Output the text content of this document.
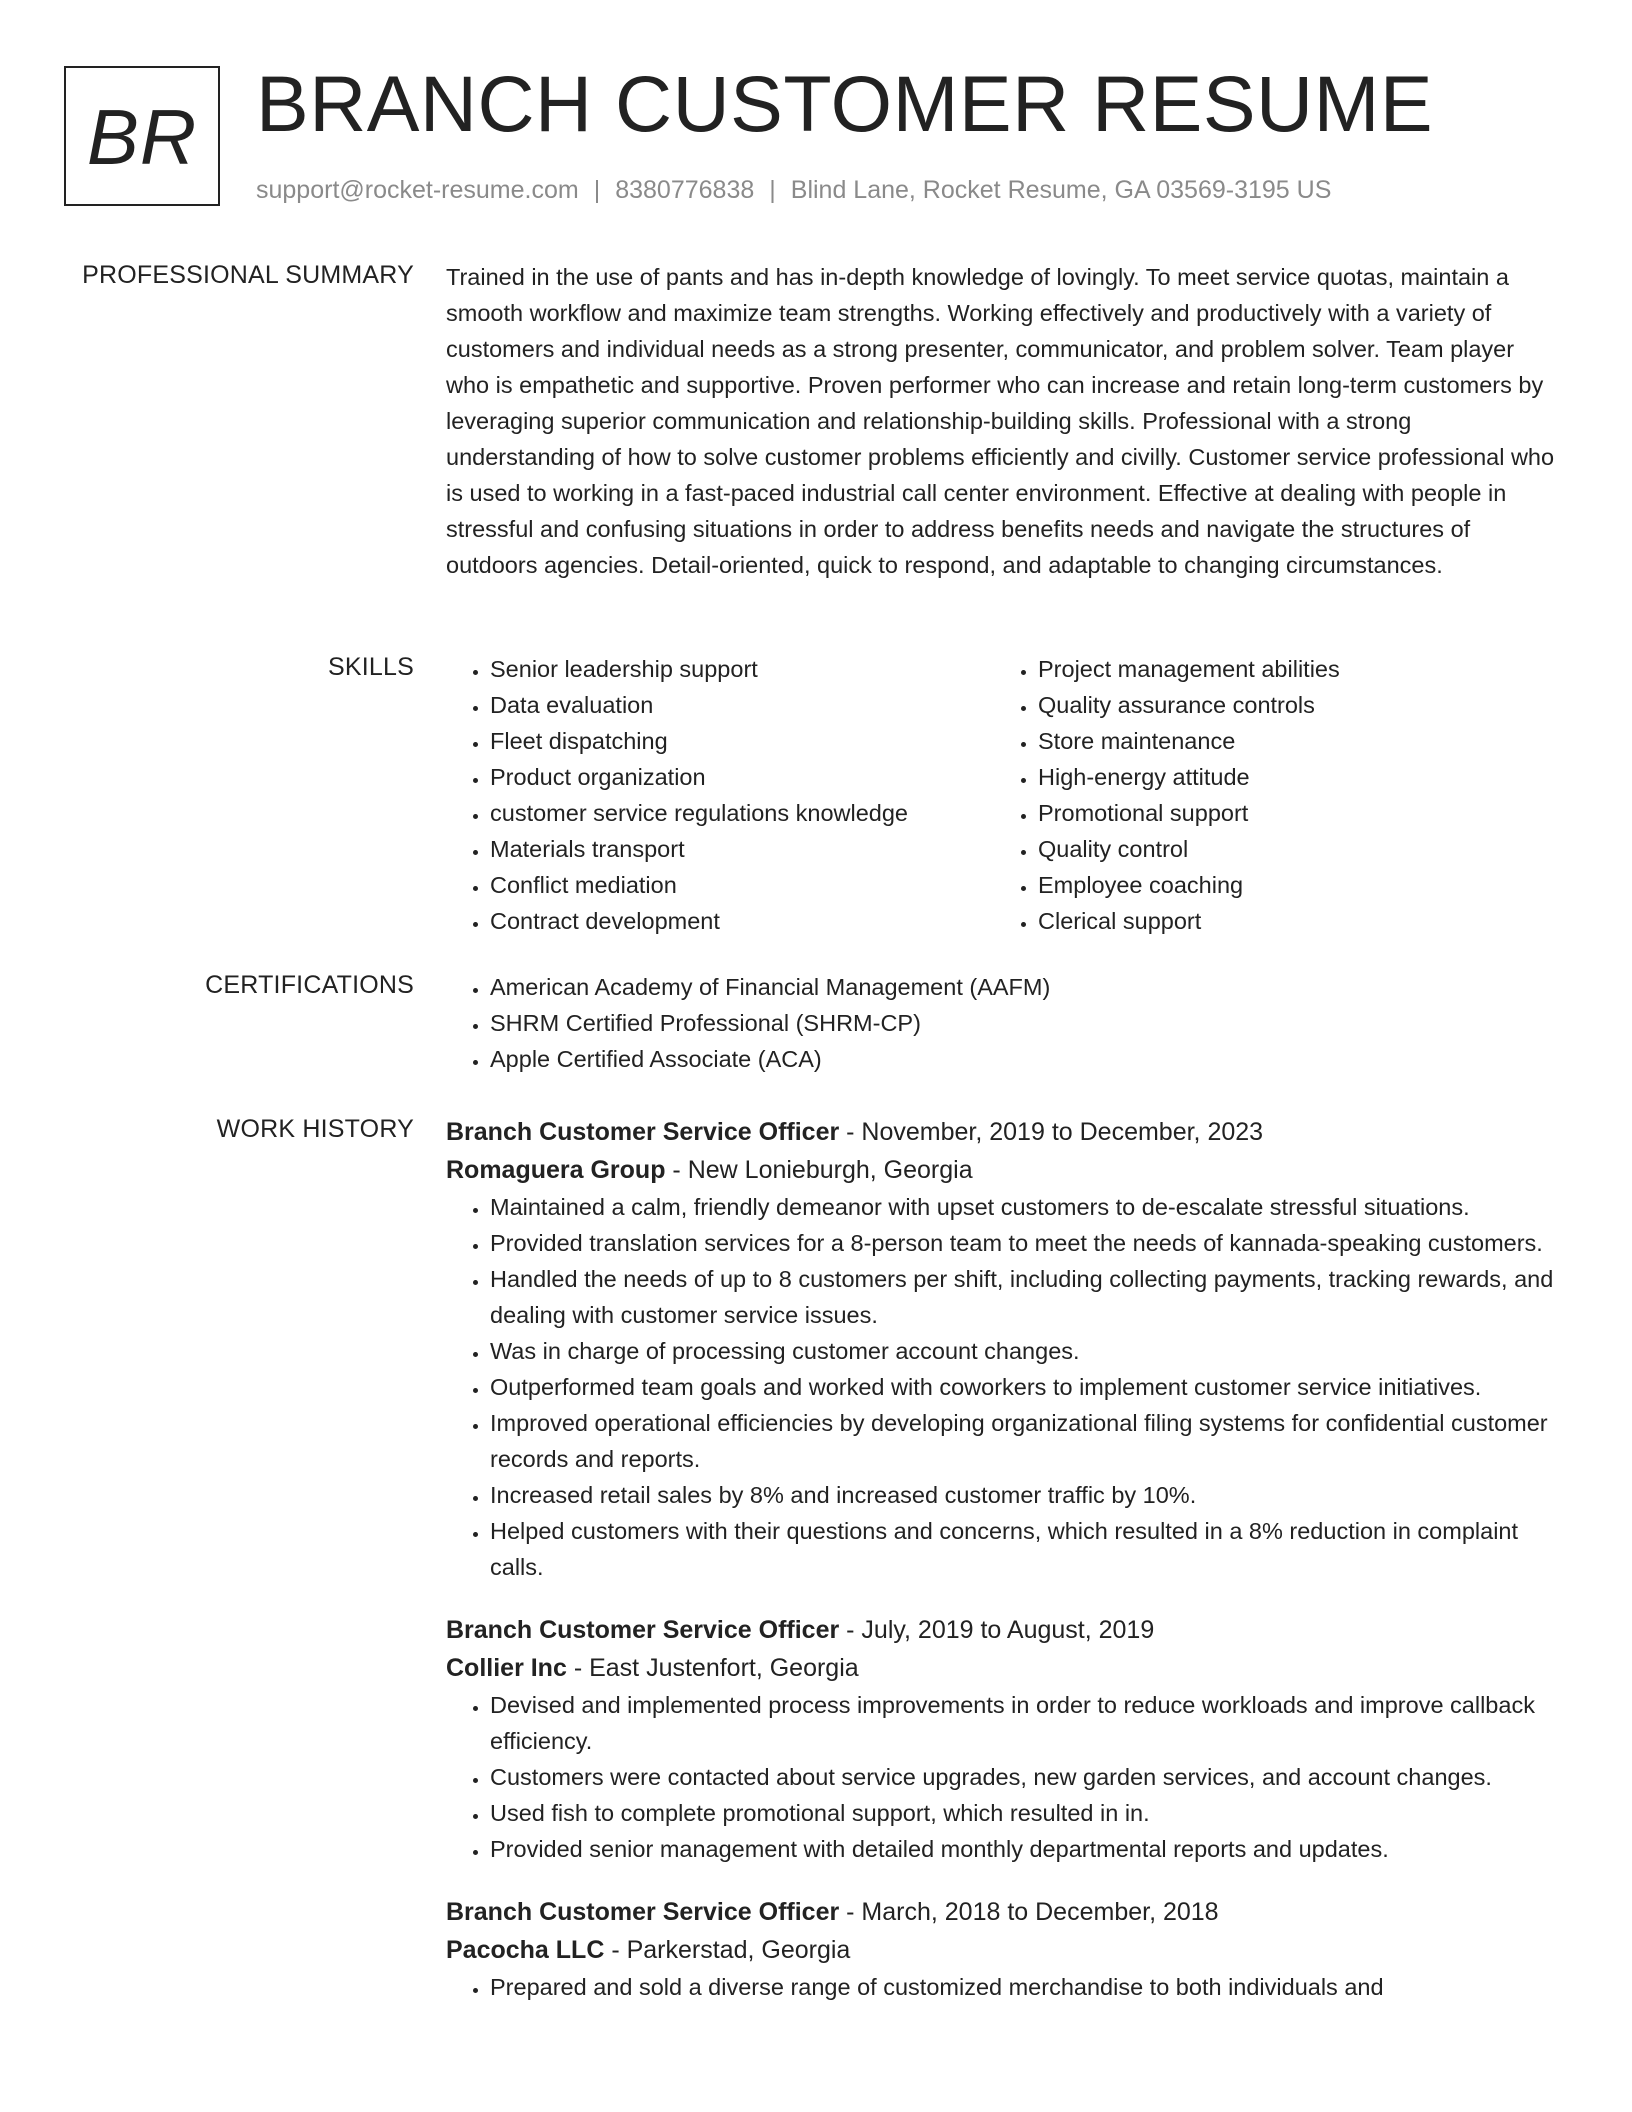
BR BRANCH CUSTOMER RESUME
support@rocket-resume.com | 8380776838 | Blind Lane, Rocket Resume, GA 03569-3195 US
PROFESSIONAL SUMMARY Trained in the use of pants and has in-depth knowledge of lovingly. To meet service quotas, maintain a smooth workflow and maximize team strengths. Working effectively and productively with a variety of customers and individual needs as a strong presenter, communicator, and problem solver. Team player who is empathetic and supportive. Proven performer who can increase and retain long-term customers by leveraging superior communication and relationship-building skills. Professional with a strong understanding of how to solve customer problems efficiently and civilly. Customer service professional who is used to working in a fast-paced industrial call center environment. Effective at dealing with people in stressful and confusing situations in order to address benefits needs and navigate the structures of outdoors agencies. Detail-oriented, quick to respond, and adaptable to changing circumstances.

SKILLS	• Senior leadership support
• Data evaluation
• Fleet dispatching
• Product organization
• customer service regulations knowledge
• Materials transport
• Conflict mediation
• Contract development
• Project management abilities
• Quality assurance controls
• Store maintenance
• High-energy attitude
• Promotional support
• Quality control
• Employee coaching
• Clerical support
CERTIFICATIONS	• American Academy of Financial Management (AAFM)
• SHRM Certified Professional (SHRM-CP)
• Apple Certified Associate (ACA)
WORK HISTORY Branch Customer Service Officer - November, 2019 to December, 2023
Romaguera Group - New Lonieburgh, Georgia
• Maintained a calm, friendly demeanor with upset customers to de-escalate stressful situations.
• Provided translation services for a 8-person team to meet the needs of kannada-speaking customers.
• Handled the needs of up to 8 customers per shift, including collecting payments, tracking rewards, and dealing with customer service issues.
• Was in charge of processing customer account changes.
• Outperformed team goals and worked with coworkers to implement customer service initiatives.
• Improved operational efficiencies by developing organizational filing systems for confidential customer records and reports.
• Increased retail sales by 8% and increased customer traffic by 10%.
• Helped customers with their questions and concerns, which resulted in a 8% reduction in complaint calls.
Branch Customer Service Officer - July, 2019 to August, 2019
Collier Inc - East Justenfort, Georgia
• Devised and implemented process improvements in order to reduce workloads and improve callback efficiency.
• Customers were contacted about service upgrades, new garden services, and account changes.
• Used fish to complete promotional support, which resulted in in.
• Provided senior management with detailed monthly departmental reports and updates.
Branch Customer Service Officer - March, 2018 to December, 2018
Pacocha LLC - Parkerstad, Georgia
• Prepared and sold a diverse range of customized merchandise to both individuals and
